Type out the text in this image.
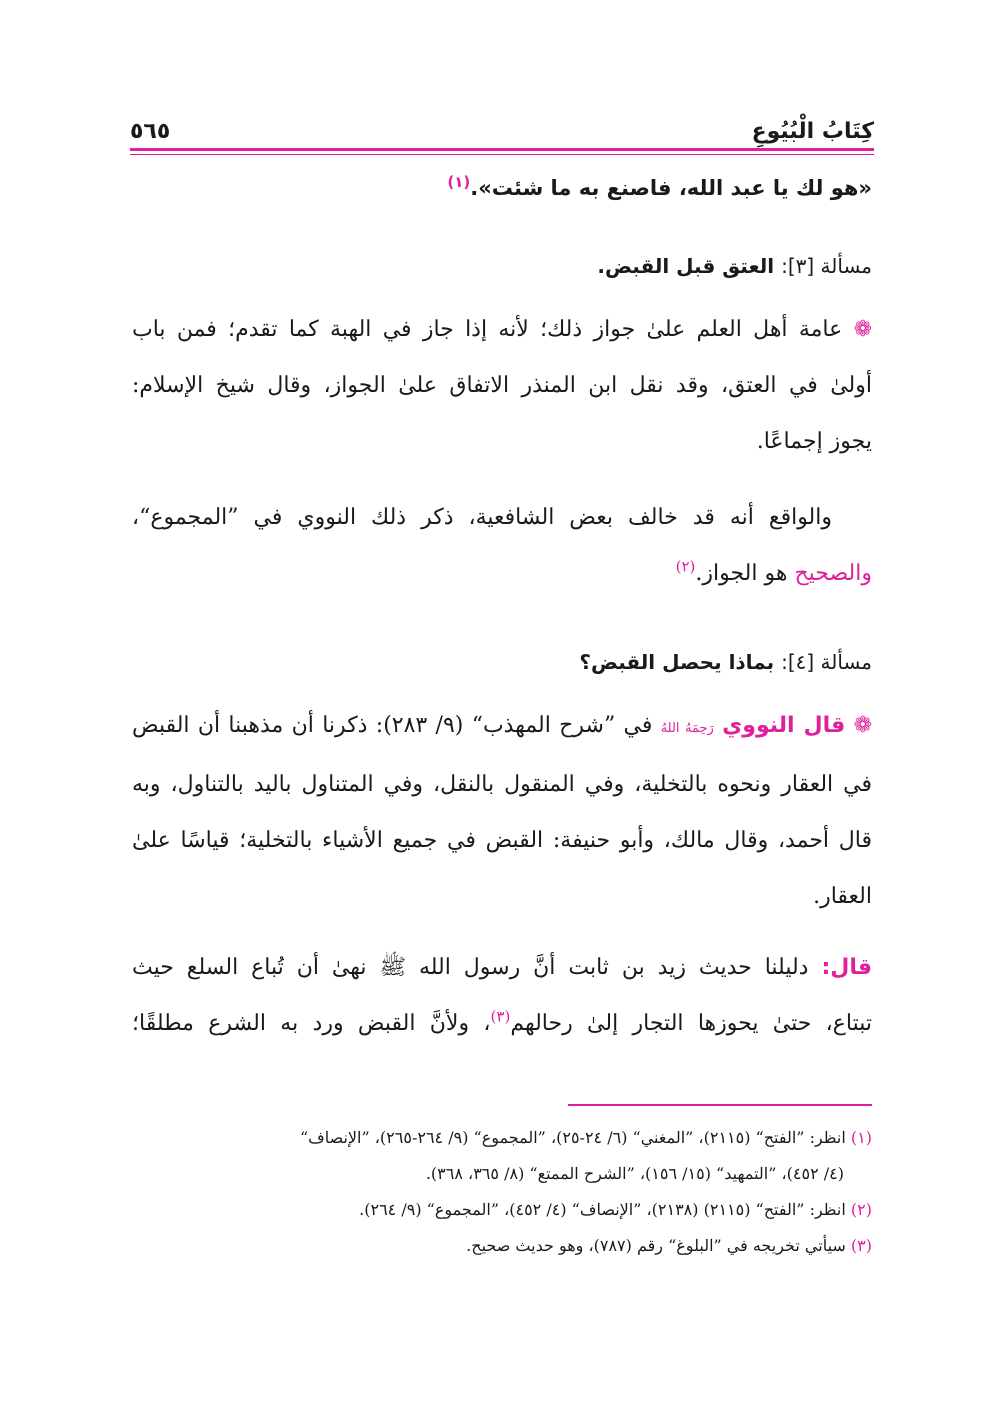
٥٦٥	كِتَابُ الْبُيُوعِ
«هو لك يا عبد الله، فاصنع به ما شئت».$^{(١)}$
مسألة [٣]: العتق قبل القبض.
❁ عامة أهل العلم علىٰ جواز ذلك؛ لأنه إذا جاز في الهبة كما تقدم؛ فمن باب
أولىٰ في العتق، وقد نقل ابن المنذر الاتفاق علىٰ الجواز، وقال شيخ الإسلام:
يجوز إجماعًا.
والواقع أنه قد خالف بعض الشافعية، ذكر ذلك النووي في ”المجموع“،
والصحيح هو الجواز.$^{(٢)}$
مسألة [٤]: بماذا يحصل القبض؟
❁ قال النووي رَحِمَهُ اللهُ في ”شرح المهذب“ (٩/ ٢٨٣): ذكرنا أن مذهبنا أن القبض
في العقار ونحوه بالتخلية، وفي المنقول بالنقل، وفي المتناول باليد بالتناول، وبه
قال أحمد، وقال مالك، وأبو حنيفة: القبض في جميع الأشياء بالتخلية؛ قياسًا علىٰ
العقار.
قال: دليلنا حديث زيد بن ثابت أنَّ رسول الله ﷺ نهىٰ أن تُباع السلع حيث
تبتاع، حتىٰ يحوزها التجار إلىٰ رحالهم$^{(٣)}$، ولأنَّ القبض ورد به الشرع مطلقًا؛
(١) انظر: ”الفتح“ (٢١١٥)، ”المغني“ (٦/ ٢٤-٢٥)، ”المجموع“ (٩/ ٢٦٤-٢٦٥)، ”الإنصاف“
(٤/ ٤٥٢)، ”التمهيد“ (١٥/ ١٥٦)، ”الشرح الممتع“ (٨/ ٣٦٥، ٣٦٨).
(٢) انظر: ”الفتح“ (٢١١٥) (٢١٣٨)، ”الإنصاف“ (٤/ ٤٥٢)، ”المجموع“ (٩/ ٢٦٤).
(٣) سيأتي تخريجه في ”البلوغ“ رقم (٧٨٧)، وهو حديث صحيح.
